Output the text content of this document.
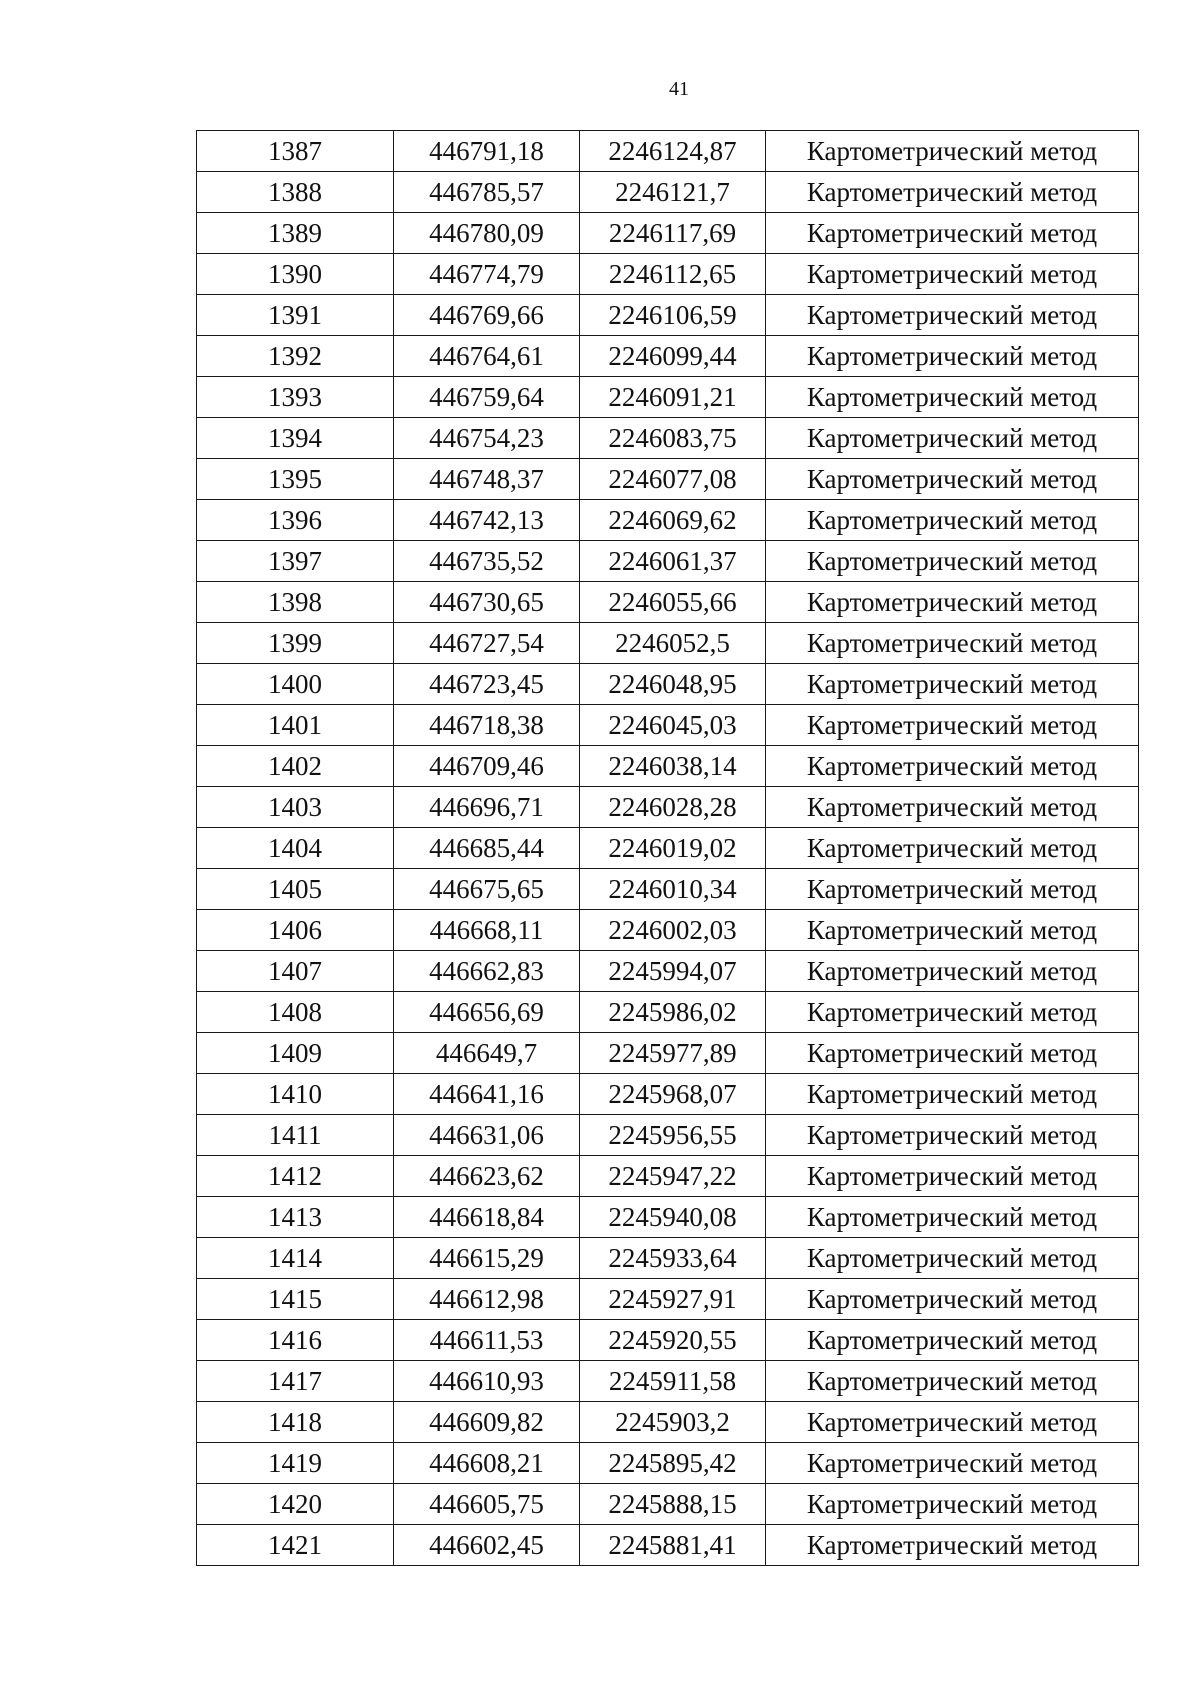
41
1387	446791,18	2246124,87	Картометрический метод
1388	446785,57	2246121,7	Картометрический метод
1389	446780,09	2246117,69	Картометрический метод
1390	446774,79	2246112,65	Картометрический метод
1391	446769,66	2246106,59	Картометрический метод
1392	446764,61	2246099,44	Картометрический метод
1393	446759,64	2246091,21	Картометрический метод
1394	446754,23	2246083,75	Картометрический метод
1395	446748,37	2246077,08	Картометрический метод
1396	446742,13	2246069,62	Картометрический метод
1397	446735,52	2246061,37	Картометрический метод
1398	446730,65	2246055,66	Картометрический метод
1399	446727,54	2246052,5	Картометрический метод
1400	446723,45	2246048,95	Картометрический метод
1401	446718,38	2246045,03	Картометрический метод
1402	446709,46	2246038,14	Картометрический метод
1403	446696,71	2246028,28	Картометрический метод
1404	446685,44	2246019,02	Картометрический метод
1405	446675,65	2246010,34	Картометрический метод
1406	446668,11	2246002,03	Картометрический метод
1407	446662,83	2245994,07	Картометрический метод
1408	446656,69	2245986,02	Картометрический метод
1409	446649,7	2245977,89	Картометрический метод
1410	446641,16	2245968,07	Картометрический метод
1411	446631,06	2245956,55	Картометрический метод
1412	446623,62	2245947,22	Картометрический метод
1413	446618,84	2245940,08	Картометрический метод
1414	446615,29	2245933,64	Картометрический метод
1415	446612,98	2245927,91	Картометрический метод
1416	446611,53	2245920,55	Картометрический метод
1417	446610,93	2245911,58	Картометрический метод
1418	446609,82	2245903,2	Картометрический метод
1419	446608,21	2245895,42	Картометрический метод
1420	446605,75	2245888,15	Картометрический метод
1421	446602,45	2245881,41	Картометрический метод
